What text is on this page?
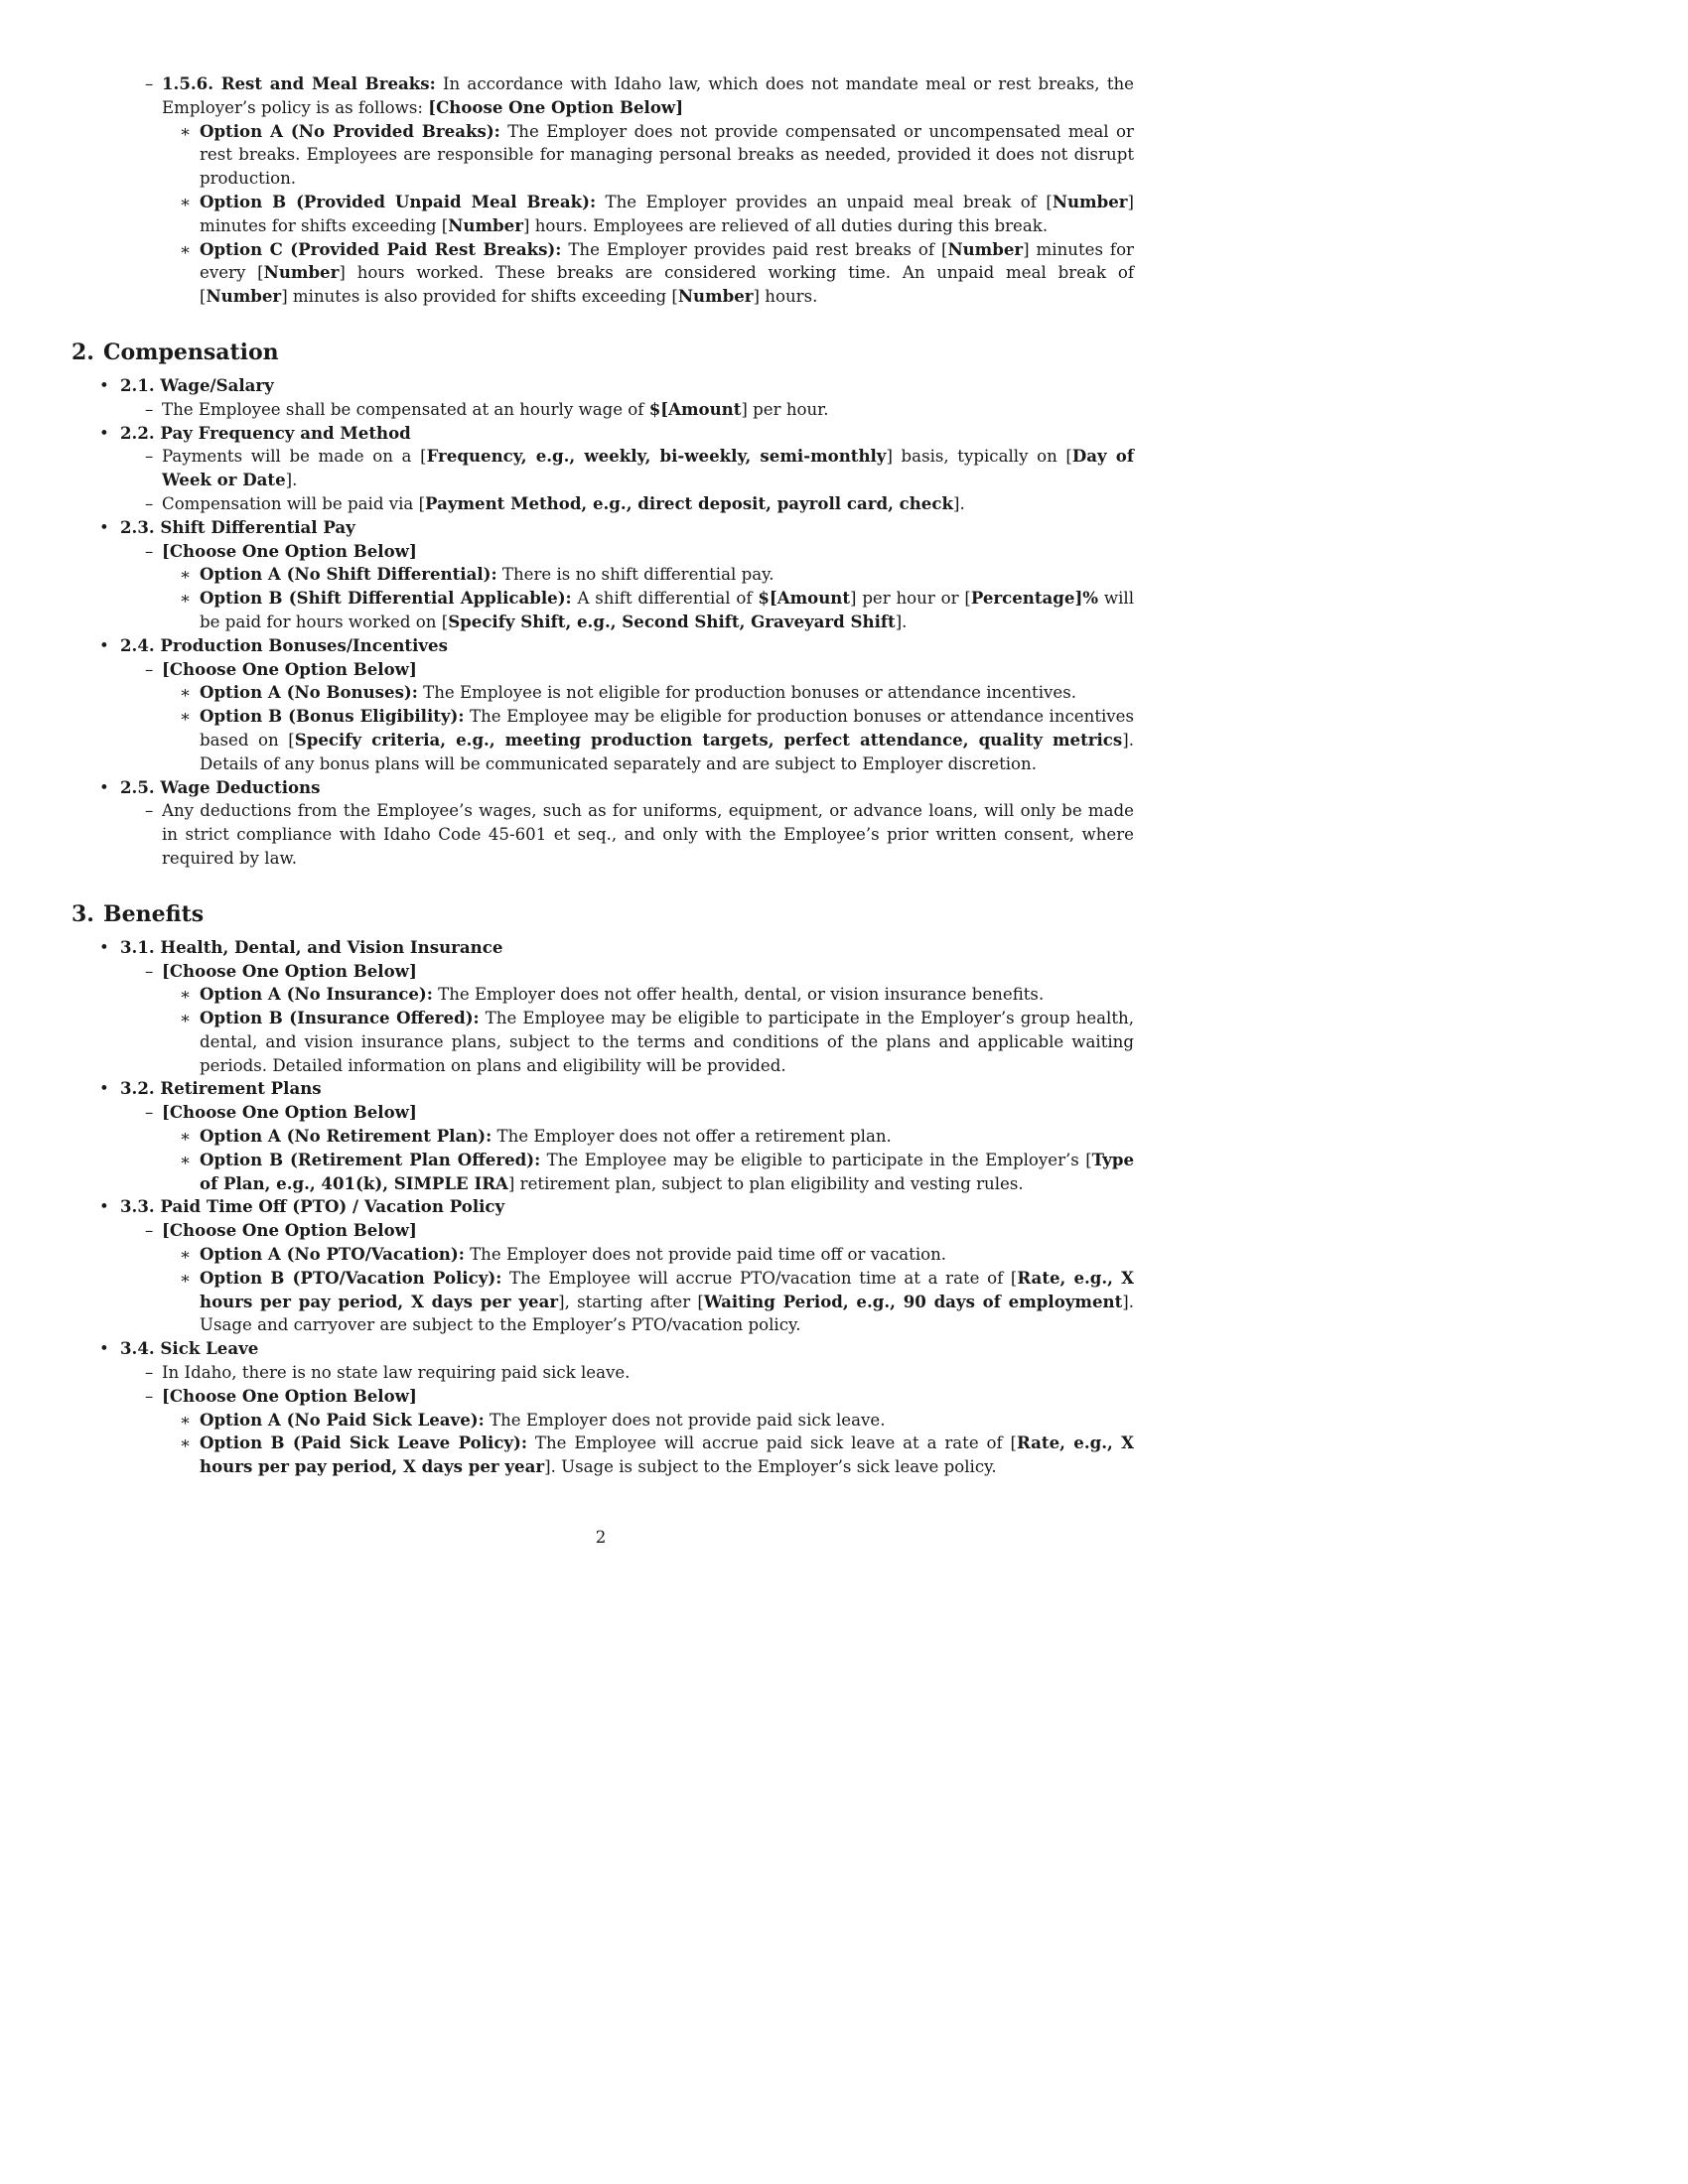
– 1.5.6. Rest and Meal Breaks: In accordance with Idaho law, which does not mandate meal or rest breaks, the Employer’s policy is as follows: [Choose One Option Below]
∗ Option A (No Provided Breaks): The Employer does not provide compensated or uncompensated meal or rest breaks. Employees are responsible for managing personal breaks as needed, provided it does not disrupt production.
∗ Option B (Provided Unpaid Meal Break): The Employer provides an unpaid meal break of [Number] minutes for shifts exceeding [Number] hours. Employees are relieved of all duties during this break.
∗ Option C (Provided Paid Rest Breaks): The Employer provides paid rest breaks of [Number] minutes for every [Number] hours worked. These breaks are considered working time. An unpaid meal break of [Number] minutes is also provided for shifts exceeding [Number] hours.
2. Compensation
• 2.1. Wage/Salary
– The Employee shall be compensated at an hourly wage of $[Amount] per hour.
• 2.2. Pay Frequency and Method
– Payments will be made on a [Frequency, e.g., weekly, bi-weekly, semi-monthly] basis, typically on [Day of Week or Date].
– Compensation will be paid via [Payment Method, e.g., direct deposit, payroll card, check].
• 2.3. Shift Differential Pay
– [Choose One Option Below]
∗ Option A (No Shift Differential): There is no shift differential pay.
∗ Option B (Shift Differential Applicable): A shift differential of $[Amount] per hour or [Percentage]% will be paid for hours worked on [Specify Shift, e.g., Second Shift, Graveyard Shift].
• 2.4. Production Bonuses/Incentives
– [Choose One Option Below]
∗ Option A (No Bonuses): The Employee is not eligible for production bonuses or attendance incentives.
∗ Option B (Bonus Eligibility): The Employee may be eligible for production bonuses or attendance incentives based on [Specify criteria, e.g., meeting production targets, perfect attendance, quality metrics]. Details of any bonus plans will be communicated separately and are subject to Employer discretion.
• 2.5. Wage Deductions
– Any deductions from the Employee’s wages, such as for uniforms, equipment, or advance loans, will only be made in strict compliance with Idaho Code 45-601 et seq., and only with the Employee’s prior written consent, where required by law.
3. Benefits
• 3.1. Health, Dental, and Vision Insurance
– [Choose One Option Below]
∗ Option A (No Insurance): The Employer does not offer health, dental, or vision insurance benefits.
∗ Option B (Insurance Offered): The Employee may be eligible to participate in the Employer’s group health, dental, and vision insurance plans, subject to the terms and conditions of the plans and applicable waiting periods. Detailed information on plans and eligibility will be provided.
• 3.2. Retirement Plans
– [Choose One Option Below]
∗ Option A (No Retirement Plan): The Employer does not offer a retirement plan.
∗ Option B (Retirement Plan Offered): The Employee may be eligible to participate in the Employer’s [Type of Plan, e.g., 401(k), SIMPLE IRA] retirement plan, subject to plan eligibility and vesting rules.
• 3.3. Paid Time Off (PTO) / Vacation Policy
– [Choose One Option Below]
∗ Option A (No PTO/Vacation): The Employer does not provide paid time off or vacation.
∗ Option B (PTO/Vacation Policy): The Employee will accrue PTO/vacation time at a rate of [Rate, e.g., X hours per pay period, X days per year], starting after [Waiting Period, e.g., 90 days of employment]. Usage and carryover are subject to the Employer’s PTO/vacation policy.
• 3.4. Sick Leave
– In Idaho, there is no state law requiring paid sick leave.
– [Choose One Option Below]
∗ Option A (No Paid Sick Leave): The Employer does not provide paid sick leave.
∗ Option B (Paid Sick Leave Policy): The Employee will accrue paid sick leave at a rate of [Rate, e.g., X hours per pay period, X days per year]. Usage is subject to the Employer’s sick leave policy.
2
